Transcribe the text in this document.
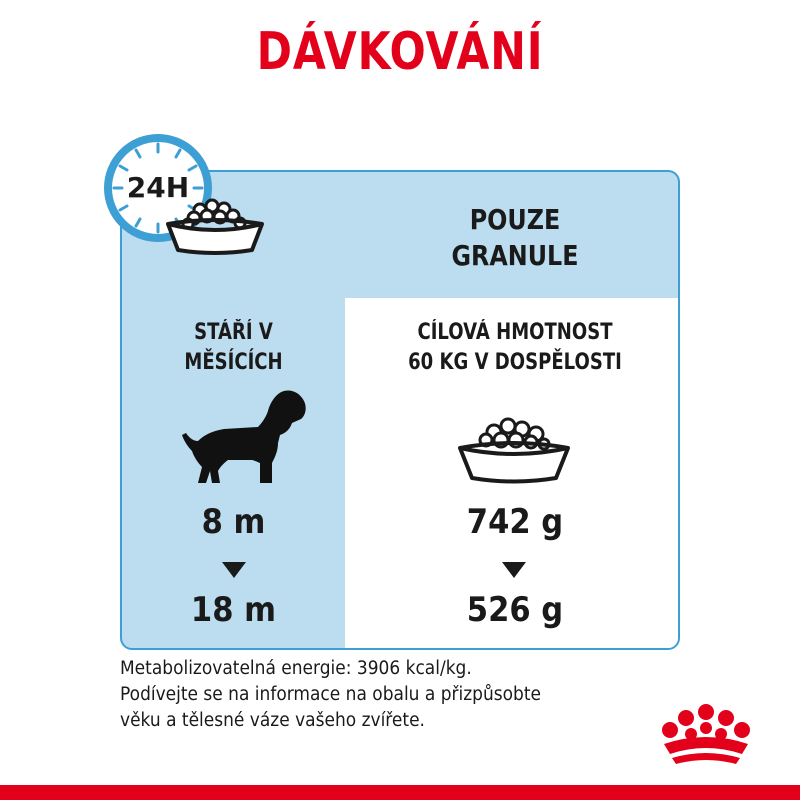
DÁVKOVÁNÍ
POUZE
GRANULE
STÁŘÍ V
MĚSÍCÍCH
CÍLOVÁ HMOTNOST
60 KG V DOSPĚLOSTI
8 m
18 m
742 g
526 g
24H
Metabolizovatelná energie: 3906 kcal/kg.
Podívejte se na informace na obalu a přizpůsobte
věku a tělesné váze vašeho zvířete.
